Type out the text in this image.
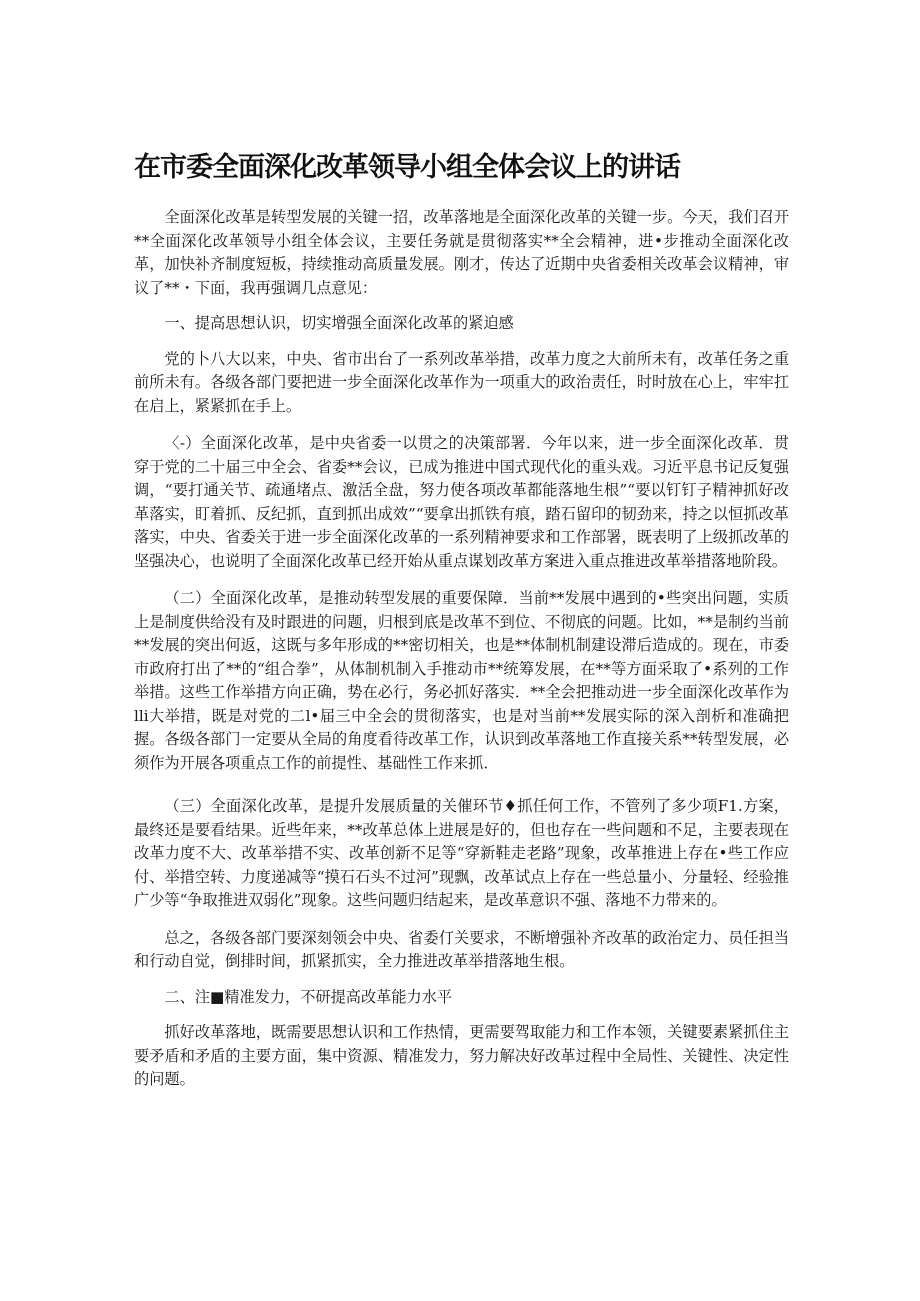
在市委全面深化改革领导小组全体会议上的讲话

全面深化改革是转型发展的关键一招，改革落地是全面深化改革的关键一步。今天，我们召开**全面深化改革领导小组全体会议，主要任务就是贯彻落实**全会精神，进•步推动全面深化改革，加快补齐制度短板，持续推动高质量发展。刚才，传达了近期中央省委相关改革会议精神，审议了**・下面，我再强调几点意见：

一、提高思想认识，切实增强全面深化改革的紧迫感

党的卜八大以来，中央、省市出台了一系列改革举措，改革力度之大前所未有，改革任务之重前所未有。各级各部门要把进一步全面深化改革作为一项重大的政治责任，时时放在心上，牢牢扛在启上，紧紧抓在手上。

〈-）全面深化改革，是中央省委一以贯之的决策部署．今年以来，进一步全面深化改革．贯穿于党的二十届三中全会、省委**会议，已成为推进中国式现代化的重头戏。习近平息书记反复强调，“要打通关节、疏通堵点、激活全盘，努力使各项改革都能落地生根”“要以钉钉子精神抓好改革落实，盯着抓、反纪抓，直到抓出成效”“要拿出抓铁有痕，踏石留印的韧劲来，持之以恒抓改革落实，中央、省委关于进一步全面深化改革的一系列精神要求和工作部署，既表明了上级抓改革的坚强决心，也说明了全面深化改革已经开始从重点谋划改革方案进入重点推进改革举措落地阶段。

（二）全面深化改革，是推动转型发展的重要保障．当前**发展中遇到的•些突出问题，实质上是制度供给没有及时跟进的问题，归根到底是改革不到位、不彻底的问题。比如，**是制约当前**发展的突出何返，这既与多年形成的**密切相关，也是**体制机制建设滞后造成的。现在，市委市政府打出了**的“组合拳”，从体制机制入手推动市**统筹发展，在**等方面采取了•系列的工作举措。这些工作举措方向正确，势在必行，务必抓好落实．**全会把推动进一步全面深化改革作为lli大举措，既是对党的二l•届三中全会的贯彻落实，也是对当前**发展实际的深入剖析和准确把握。各级各部门一定要从全局的角度看待改革工作，认识到改革落地工作直接关系**转型发展，必须作为开展各项重点工作的前提性、基础性工作来抓．

（三）全面深化改革，是提升发展质量的关催环节♦抓任何工作，不管列了多少项F1.方案，最终还是要看结果。近些年来，**改革总体上进展是好的，但也存在一些问题和不足，主要表现在改革力度不大、改革举措不实、改革创新不足等“穿新鞋走老路”现象，改革推进上存在•些工作应付、举措空转、力度递减等“摸石石头不过河”现飘，改革试点上存在一些总量小、分量轻、经验推广少等“争取推进双弱化”现象。这些问题归结起来，是改革意识不强、落地不力带来的。

总之，各级各部门要深刻领会中央、省委仃关要求，不断增强补齐改革的政治定力、员任担当和行动自觉，倒排时间，抓紧抓实，全力推进改革举措落地生根。

二、注■精准发力，不研提高改革能力水平

抓好改革落地，既需要思想认识和工作热情，更需要驾取能力和工作本领，关键要素紧抓住主要矛盾和矛盾的主要方面，集中资源、精准发力，努力解决好改革过程中全局性、关键性、决定性的问题。
